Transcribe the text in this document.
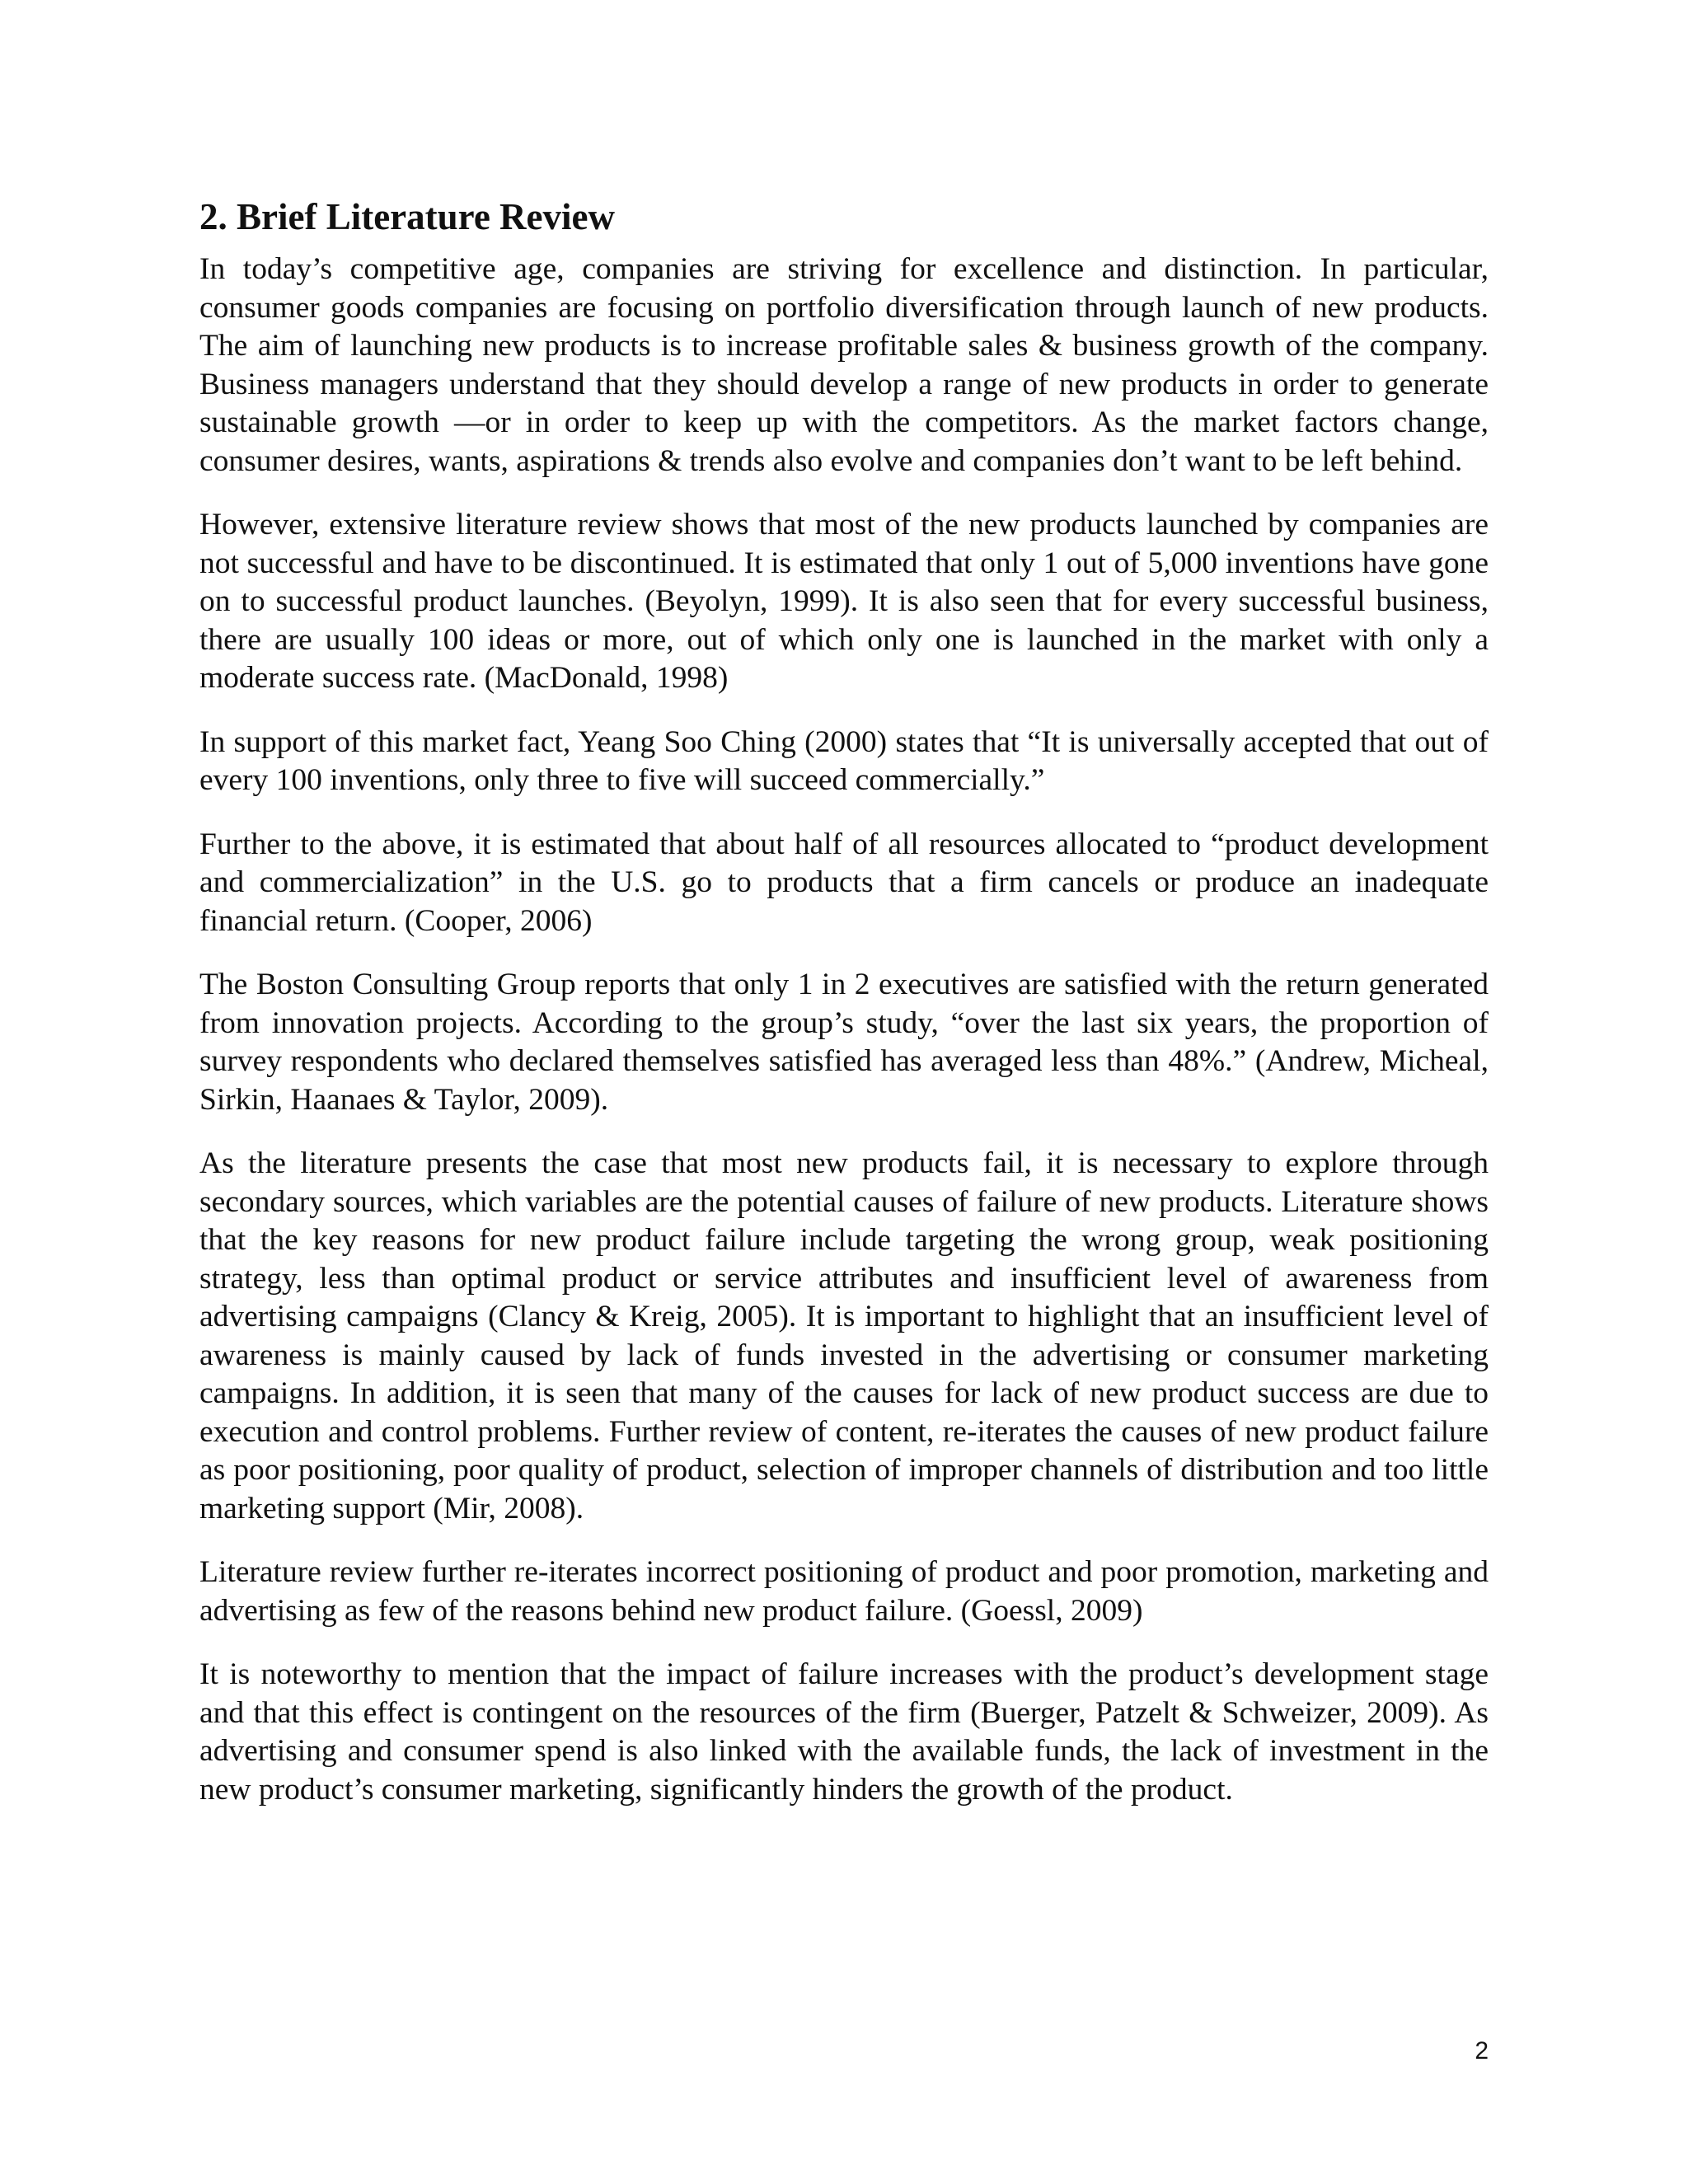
2. Brief Literature Review

In today’s competitive age, companies are striving for excellence and distinction. In particular, consumer goods companies are focusing on portfolio diversification through launch of new products. The aim of launching new products is to increase profitable sales & business growth of the company. Business managers understand that they should develop a range of new products in order to generate sustainable growth —or in order to keep up with the competitors. As the market factors change, consumer desires, wants, aspirations & trends also evolve and companies don’t want to be left behind.

However, extensive literature review shows that most of the new products launched by companies are not successful and have to be discontinued. It is estimated that only 1 out of 5,000 inventions have gone on to successful product launches. (Beyolyn, 1999). It is also seen that for every successful business, there are usually 100 ideas or more, out of which only one is launched in the market with only a moderate success rate. (MacDonald, 1998)

In support of this market fact, Yeang Soo Ching (2000) states that “It is universally accepted that out of every 100 inventions, only three to five will succeed commercially.”

Further to the above, it is estimated that about half of all resources allocated to “product development and commercialization” in the U.S. go to products that a firm cancels or produce an inadequate financial return. (Cooper, 2006)

The Boston Consulting Group reports that only 1 in 2 executives are satisfied with the return generated from innovation projects. According to the group’s study, “over the last six years, the proportion of survey respondents who declared themselves satisfied has averaged less than 48%.” (Andrew, Micheal, Sirkin, Haanaes & Taylor, 2009).

As the literature presents the case that most new products fail, it is necessary to explore through secondary sources, which variables are the potential causes of failure of new products. Literature shows that the key reasons for new product failure include targeting the wrong group, weak positioning strategy, less than optimal product or service attributes and insufficient level of awareness from advertising campaigns (Clancy & Kreig, 2005). It is important to highlight that an insufficient level of awareness is mainly caused by lack of funds invested in the advertising or consumer marketing campaigns. In addition, it is seen that many of the causes for lack of new product success are due to execution and control problems. Further review of content, re-iterates the causes of new product failure as poor positioning, poor quality of product, selection of improper channels of distribution and too little marketing support (Mir, 2008).

Literature review further re-iterates incorrect positioning of product and poor promotion, marketing and advertising as few of the reasons behind new product failure. (Goessl, 2009)

It is noteworthy to mention that the impact of failure increases with the product’s development stage and that this effect is contingent on the resources of the firm (Buerger, Patzelt & Schweizer, 2009). As advertising and consumer spend is also linked with the available funds, the lack of investment in the new product’s consumer marketing, significantly hinders the growth of the product.

2
